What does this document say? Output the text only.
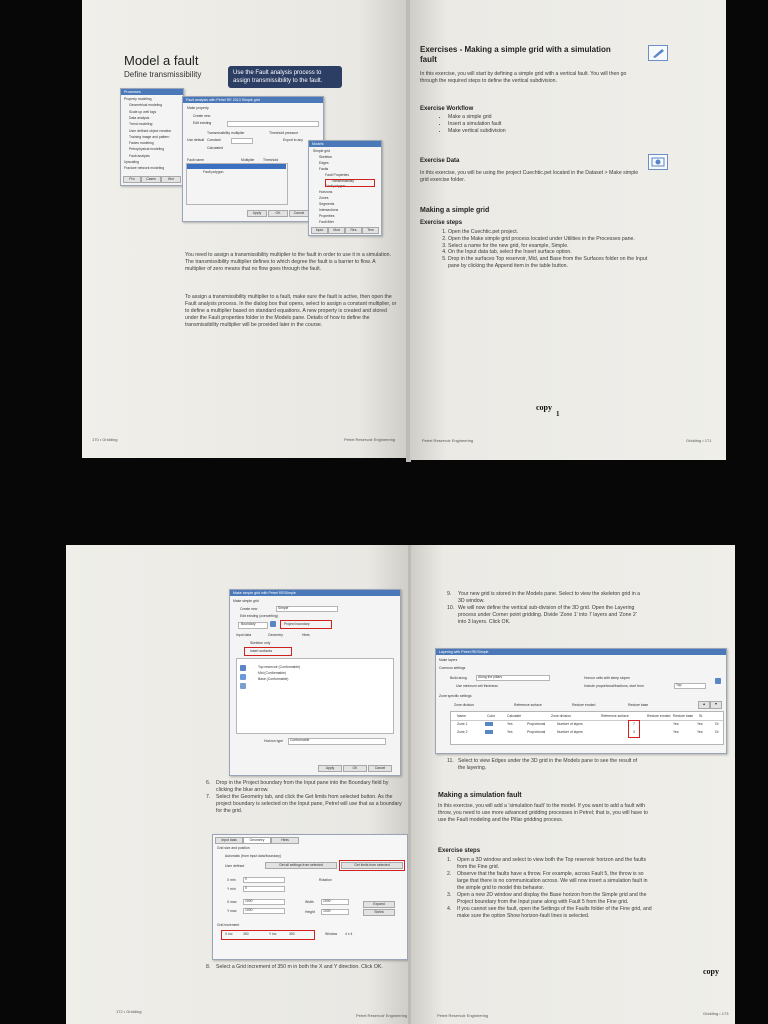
Model a fault
Define transmissibility	Use the Fault analysis process to assign transmissibility to the fault.
Processes
Property modeling
Geometrical modeling
Scale up well logs
Data analysis
Trend modeling
User defined object creation
Training image and pattern
Facies modeling
Petrophysical modeling
Fault analysis
Upscaling
Fracture network modeling
Pro	Cases	Wor
Fault analysis with Petrel RE 2013 Simple grid
Make property
Create new
Edit existing
Transmissibility multiplier	Threshold pressure
Use default Constant
Calculated
Export to any
Fault name	Multiplier Threshold
Fault polygon
Apply	OK	Cancel
Models
Simple grid
Skeleton
Edges
Faults
Fault Properties
Transmissibility
Fault polygon
Horizons
Zones
Segments
Intersections
Properties
Fault filter
Input	Mod	Res	Tem
You need to assign a transmissibility multiplier to the fault in order to use it in a simulation. The transmissibility multiplier defines to which degree the fault is a barrier to flow. A multiplier of zero means that no flow goes through the fault.
To assign a transmissibility multiplier to a fault, make sure the fault is active, then open the Fault analysis process. In the dialog box that opens, select to assign a constant multiplier, or to define a multiplier based on standard equations. A new property is created and stored under the Fault properties folder in the Models pane. Details of how to define the transmissibility multiplier will be provided later in the course.
170 • Gridding	Petrel Reservoir Engineering
Exercises - Making a simple grid with a simulation fault
In this exercise, you will start by defining a simple grid with a vertical fault. You will then go through the required steps to define the vertical subdivision.
Exercise Workflow
• Make a simple grid
• Insert a simulation fault
• Make vertical subdivision
Exercise Data
In this exercise, you will be using the project Cuechtic.pet located in the Dataset > Make simple grid exercise folder.
Making a simple grid
Exercise steps
1. Open the Cuechtic.pet project.
2. Open the Make simple grid process located under Utilities in the Processes pane.
3. Select a name for the new grid, for example, Simple.
4. On the Input data tab, select the Insert surface option.
5. Drop in the surfaces Top reservoir, Mid, and Base from the Surfaces folder on the Input pane by clicking the Append item in the table button.
copy
1
Petrel Reservoir Engineering	Gridding • 171
Make simple grid with Petrel RE/Simple
Make simple grid
Create new	Simple
Edit existing (overwriting)
Boundary	Project boundary
Input data	Geometry	Hints
Skeleton only
Insert surfaces
Top reservoir (Conformable)
Mid (Conformable)
Base (Conformable)
Horizon type Conformable
Apply	OK	Cancel
6.	Drop in the Project boundary from the Input pane into the Boundary field by clicking the blue arrow.
7.	Select the Geometry tab, and click the Get limits from selected button. As the project boundary is selected on the Input pane, Petrel will use that as a boundary for the grid.
Input data	Geometry	Hints
Grid size and position
Automatic (from input data/boundary)
User defined	Get all settings from selected	Get limits from selected
X min	0
Y min	0
X max 1000
Y max 1000
Rotation
Width	1000
Height 1000
Expand
Shrink
Grid increment
X inc	350	Y inc	350	Window 4 x 4
8.	Select a Grid increment of 350 m in both the X and Y direction. Click OK.
172 • Gridding
Petrel Reservoir Engineering
9.	Your new grid is stored in the Models pane. Select to view the skeleton grid in a 3D window.
10. We will now define the vertical sub-division of the 3D grid. Open the Layering process under Corner point gridding. Divide 'Zone 1' into 7 layers and 'Zone 2' into 3 layers. Click OK.
Layering with Petrel RE/Simple
Make layers
Common settings
Build along	Along the pillars
Use minimum cell thickness
Honour cells with steep slopes
Include proportional/fractions, start from	Top
Zone specific settings
Zone division	Reference surface	Restore eroded	Restore base	▲	▼
Name	Color	Calculate	Zone division	Reference surface	Restore eroded Restore base St.
Zone 1	Yes	Proportional	Number of layers	7	Yes	Yes	Gr
Zone 2	Yes	Proportional	Number of layers	3	Yes	Yes	Gr
11. Select to view Edges under the 3D grid in the Models pane to see the result of the layering.
Making a simulation fault
In this exercise, you will add a 'simulation fault' to the model. If you want to add a fault with throw, you need to use more advanced gridding processes in Petrel; that is, you will have to use the Fault modeling and the Pillar gridding process.
Exercise steps
1.	Open a 3D window and select to view both the Top reservoir horizon and the faults from the Fine grid.
2.	Observe that the faults have a throw. For example, across Fault 5, the throw is so large that there is no communication across. We will now insert a simulation fault in the simple grid to model this behavior.
3.	Open a new 2D window and display the Base horizon from the Simple grid and the Project boundary from the Input pane along with Fault 5 from the Fine grid.
4.	If you cannot see the fault, open the Settings of the Faults folder of the Fine grid, and make sure the option Show horizon-fault lines is selected.
copy
Petrel Reservoir Engineering	Gridding • 173
